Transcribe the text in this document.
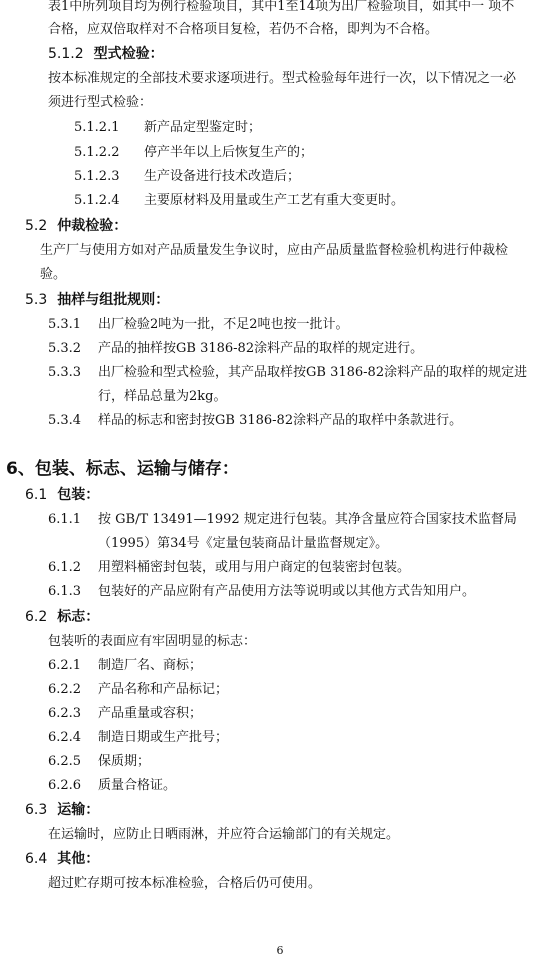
表1中所列项目均为例行检验项目，其中1至14项为出厂检验项目，如其中一 项不
合格，应双倍取样对不合格项目复检，若仍不合格，即判为不合格。
5.1.2 型式检验：
按本标准规定的全部技术要求逐项进行。型式检验每年进行一次，以下情况之一必
须进行型式检验：
5.1.2.1 新产品定型鉴定时；
5.1.2.2 停产半年以上后恢复生产的；
5.1.2.3 生产设备进行技术改造后；
5.1.2.4 主要原材料及用量或生产工艺有重大变更时。
5.2 仲裁检验：
生产厂与使用方如对产品质量发生争议时，应由产品质量监督检验机构进行仲裁检
验。
5.3 抽样与组批规则：
5.3.1 出厂检验2吨为一批，不足2吨也按一批计。
5.3.2 产品的抽样按GB 3186-82涂料产品的取样的规定进行。
5.3.3 出厂检验和型式检验，其产品取样按GB 3186-82涂料产品的取样的规定进
行，样品总量为2kg。
5.3.4 样品的标志和密封按GB 3186-82涂料产品的取样中条款进行。
6、包装、标志、运输与储存：
6.1 包装：
6.1.1 按 GB/T 13491—1992 规定进行包装。其净含量应符合国家技术监督局
（1995）第34号《定量包装商品计量监督规定》。
6.1.2 用塑料桶密封包装，或用与用户商定的包装密封包装。
6.1.3 包装好的产品应附有产品使用方法等说明或以其他方式告知用户。
6.2 标志：
包装听的表面应有牢固明显的标志：
6.2.1 制造厂名、商标；
6.2.2 产品名称和产品标记；
6.2.3 产品重量或容积；
6.2.4 制造日期或生产批号；
6.2.5 保质期；
6.2.6 质量合格证。
6.3 运输：
在运输时，应防止日晒雨淋，并应符合运输部门的有关规定。
6.4 其他：
超过贮存期可按本标准检验，合格后仍可使用。
6
